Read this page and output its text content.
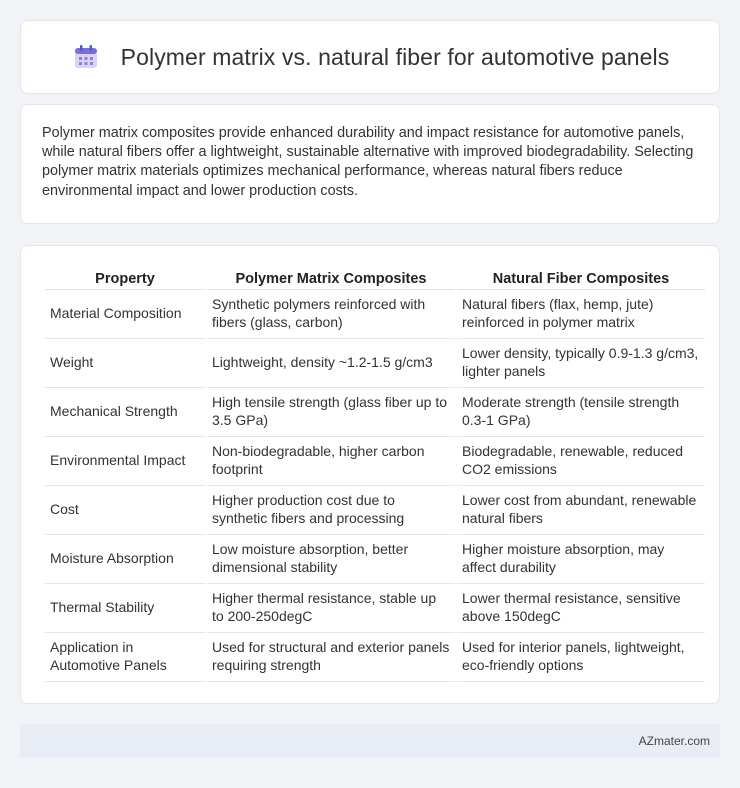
Polymer matrix vs. natural fiber for automotive panels

Polymer matrix composites provide enhanced durability and impact resistance for automotive panels, while natural fibers offer a lightweight, sustainable alternative with improved biodegradability. Selecting polymer matrix materials optimizes mechanical performance, whereas natural fibers reduce environmental impact and lower production costs.

Property	Polymer Matrix Composites	Natural Fiber Composites
Material Composition	Synthetic polymers reinforced with fibers (glass, carbon)	Natural fibers (flax, hemp, jute) reinforced in polymer matrix
Weight	Lightweight, density ~1.2-1.5 g/cm3	Lower density, typically 0.9-1.3 g/cm3, lighter panels
Mechanical Strength	High tensile strength (glass fiber up to 3.5 GPa)	Moderate strength (tensile strength 0.3-1 GPa)
Environmental Impact	Non-biodegradable, higher carbon footprint	Biodegradable, renewable, reduced CO2 emissions
Cost	Higher production cost due to synthetic fibers and processing	Lower cost from abundant, renewable natural fibers
Moisture Absorption	Low moisture absorption, better dimensional stability	Higher moisture absorption, may affect durability
Thermal Stability	Higher thermal resistance, stable up to 200-250degC	Lower thermal resistance, sensitive above 150degC
Application in Automotive Panels	Used for structural and exterior panels requiring strength	Used for interior panels, lightweight, eco-friendly options
AZmater.com
